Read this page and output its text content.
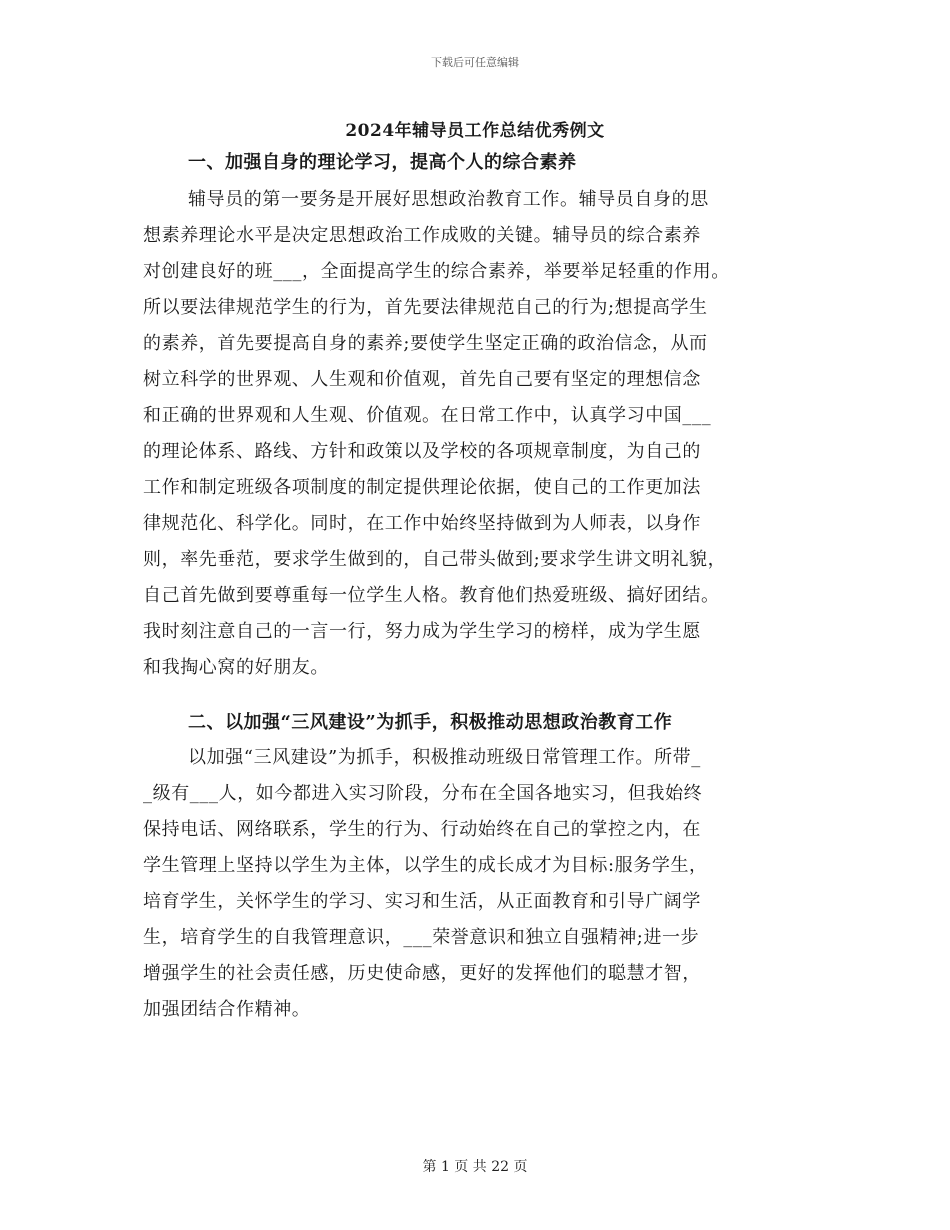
下载后可任意编辑
2024年辅导员工作总结优秀例文
一、加强自身的理论学习，提高个人的综合素养
辅导员的第一要务是开展好思想政治教育工作。辅导员自身的思
想素养理论水平是决定思想政治工作成败的关键。辅导员的综合素养
对创建良好的班___，全面提高学生的综合素养，举要举足轻重的作用。
所以要法律规范学生的行为，首先要法律规范自己的行为;想提高学生
的素养，首先要提高自身的素养;要使学生坚定正确的政治信念，从而
树立科学的世界观、人生观和价值观，首先自己要有坚定的理想信念
和正确的世界观和人生观、价值观。在日常工作中，认真学习中国___
的理论体系、路线、方针和政策以及学校的各项规章制度，为自己的
工作和制定班级各项制度的制定提供理论依据，使自己的工作更加法
律规范化、科学化。同时，在工作中始终坚持做到为人师表，以身作
则，率先垂范，要求学生做到的，自己带头做到;要求学生讲文明礼貌，
自己首先做到要尊重每一位学生人格。教育他们热爱班级、搞好团结。
我时刻注意自己的一言一行，努力成为学生学习的榜样，成为学生愿
和我掏心窝的好朋友。
二、以加强“三风建设”为抓手，积极推动思想政治教育工作
以加强“三风建设”为抓手，积极推动班级日常管理工作。所带_
_级有___人，如今都进入实习阶段，分布在全国各地实习，但我始终
保持电话、网络联系，学生的行为、行动始终在自己的掌控之内，在
学生管理上坚持以学生为主体，以学生的成长成才为目标:服务学生，
培育学生，关怀学生的学习、实习和生活，从正面教育和引导广阔学
生，培育学生的自我管理意识，___荣誉意识和独立自强精神;进一步
增强学生的社会责任感，历史使命感，更好的发挥他们的聪慧才智，
加强团结合作精神。
第 1 页 共 22 页
